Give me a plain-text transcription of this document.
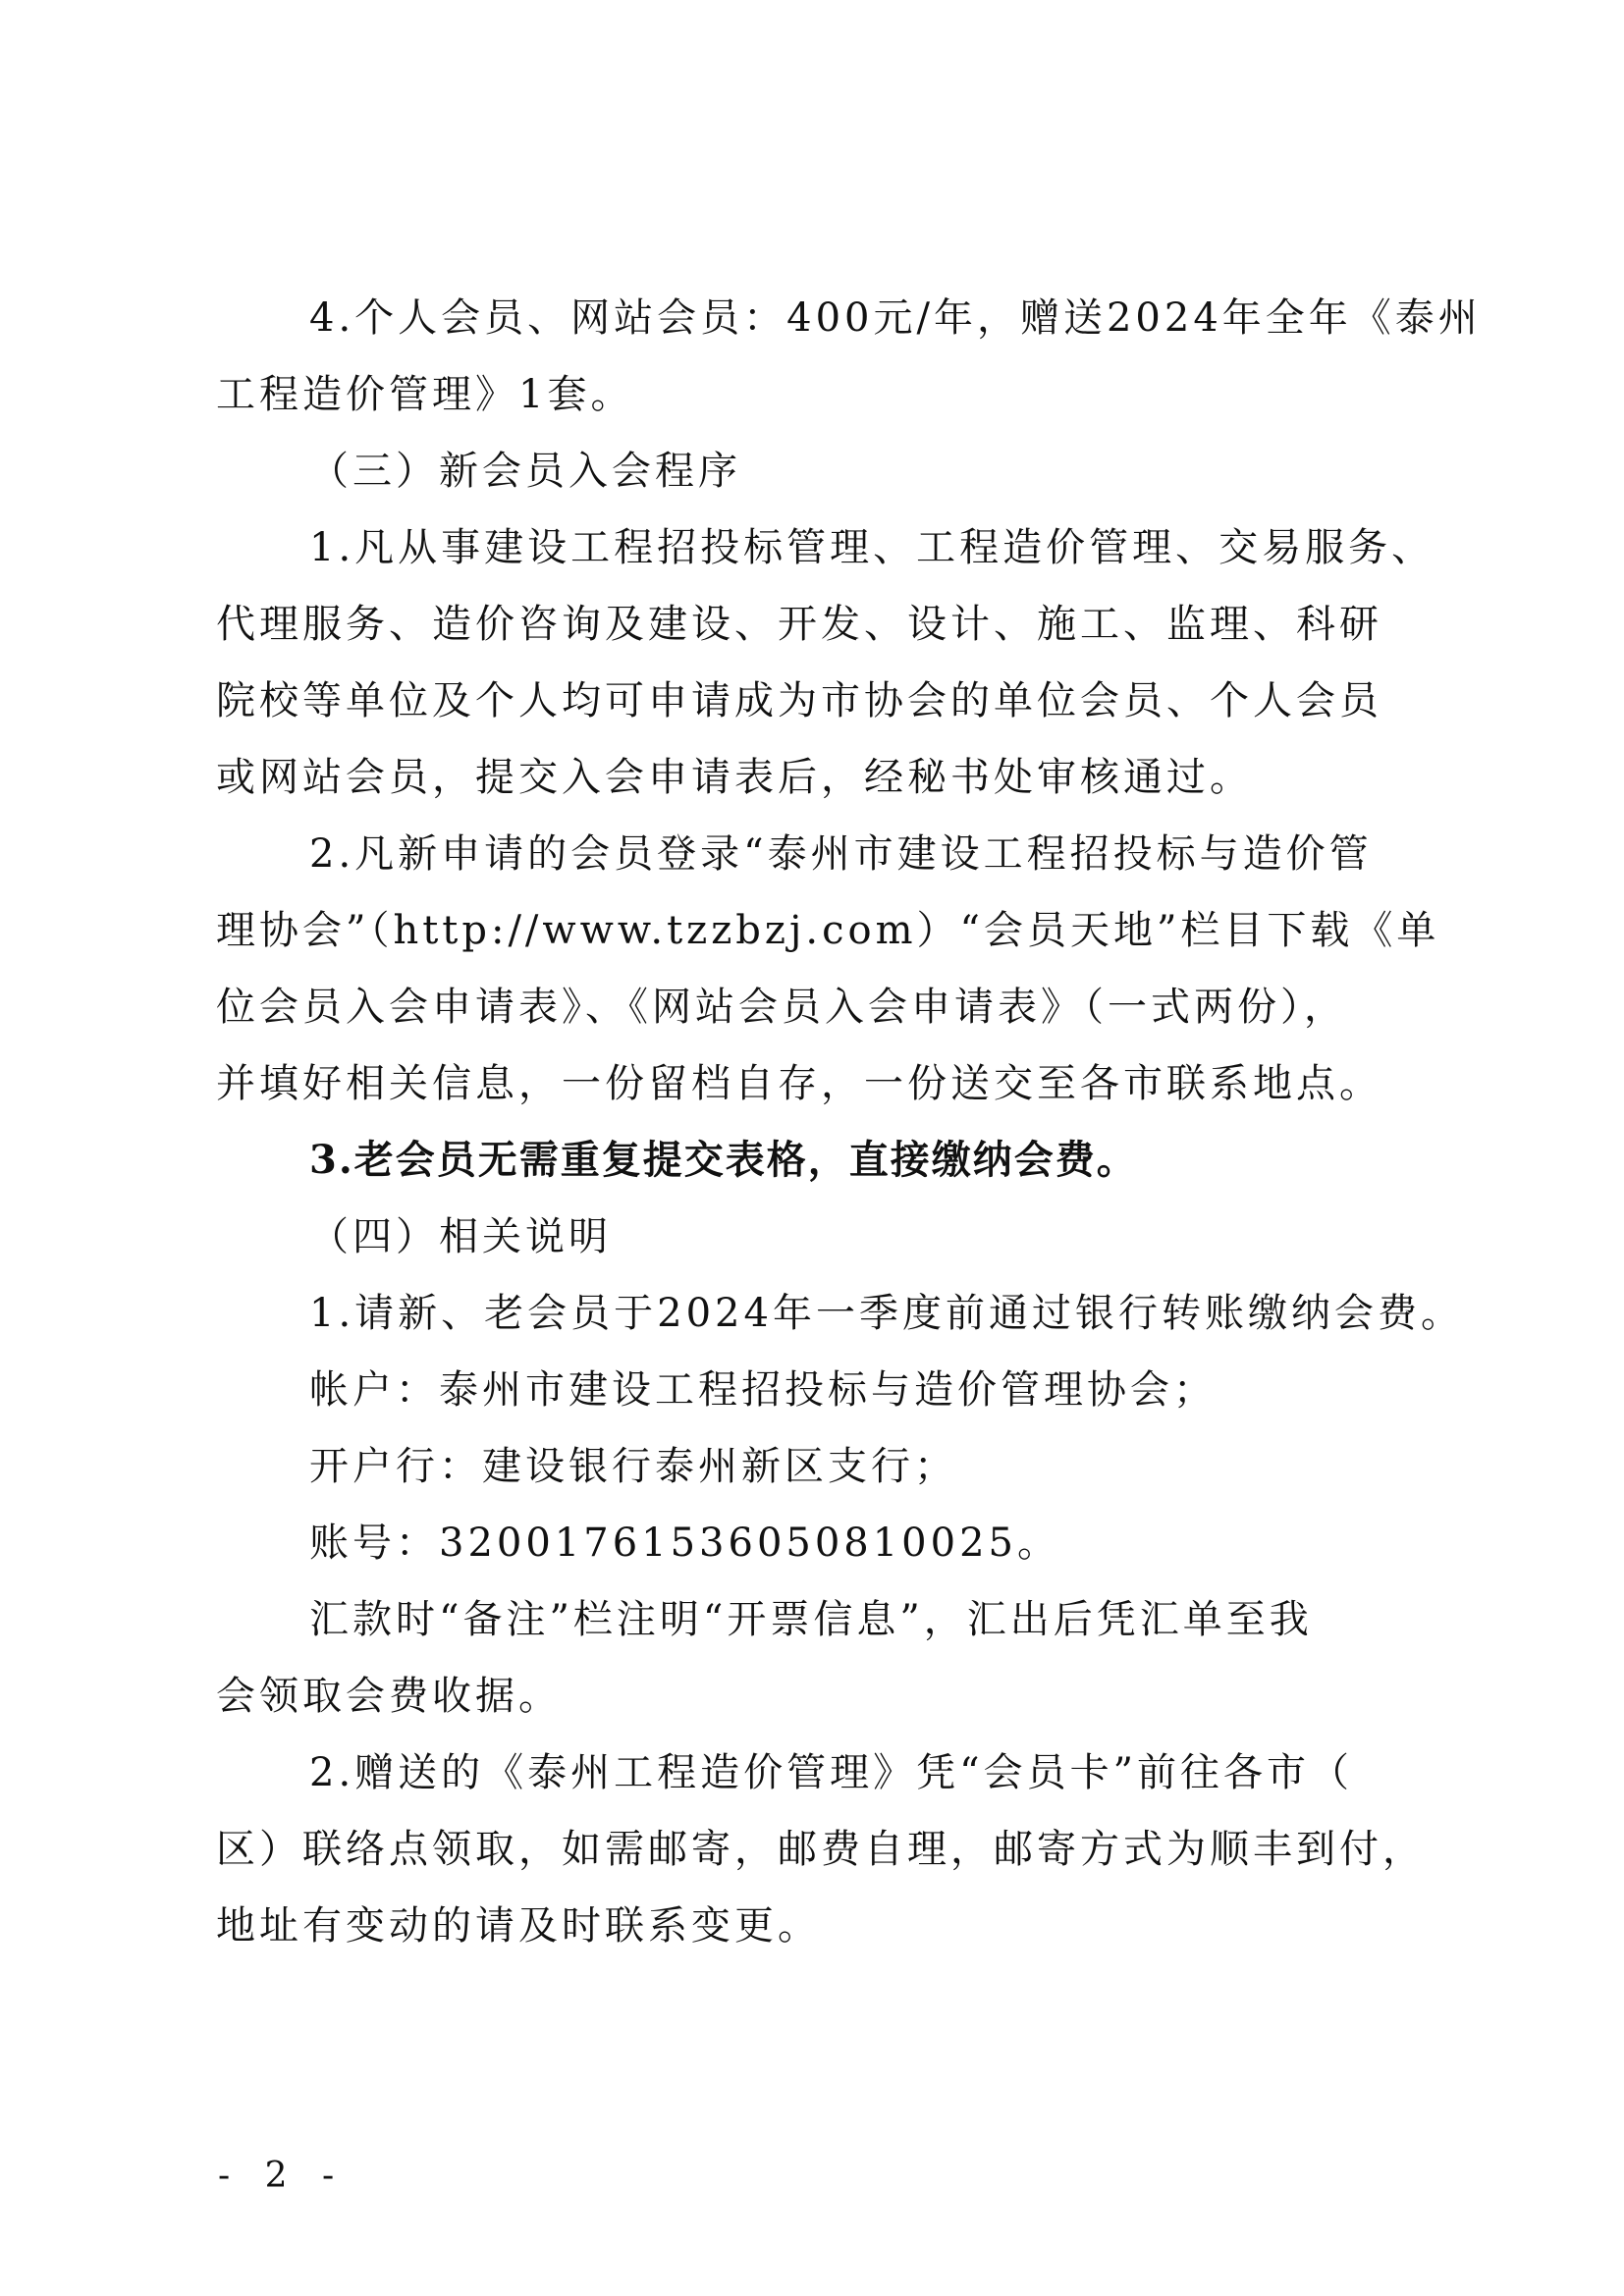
4.个人会员、网站会员：400元/年，赠送2024年全年《泰州
工程造价管理》1套。
（三）新会员入会程序
1.凡从事建设工程招投标管理、工程造价管理、交易服务、
代理服务、造价咨询及建设、开发、设计、施工、监理、科研
院校等单位及个人均可申请成为市协会的单位会员、个人会员
或网站会员，提交入会申请表后，经秘书处审核通过。
2.凡新申请的会员登录“泰州市建设工程招投标与造价管
理协会”（http://www.tzzbzj.com）“会员天地”栏目下载《单
位会员入会申请表》、《网站会员入会申请表》（一式两份），
并填好相关信息，一份留档自存，一份送交至各市联系地点。
3.老会员无需重复提交表格，直接缴纳会费。
（四）相关说明
1.请新、老会员于2024年一季度前通过银行转账缴纳会费。
帐户：泰州市建设工程招投标与造价管理协会；
开户行：建设银行泰州新区支行；
账号：32001761536050810025。
汇款时“备注”栏注明“开票信息”，汇出后凭汇单至我
会领取会费收据。
2.赠送的《泰州工程造价管理》凭“会员卡”前往各市（
区）联络点领取，如需邮寄，邮费自理，邮寄方式为顺丰到付，
地址有变动的请及时联系变更。
- 2 -
